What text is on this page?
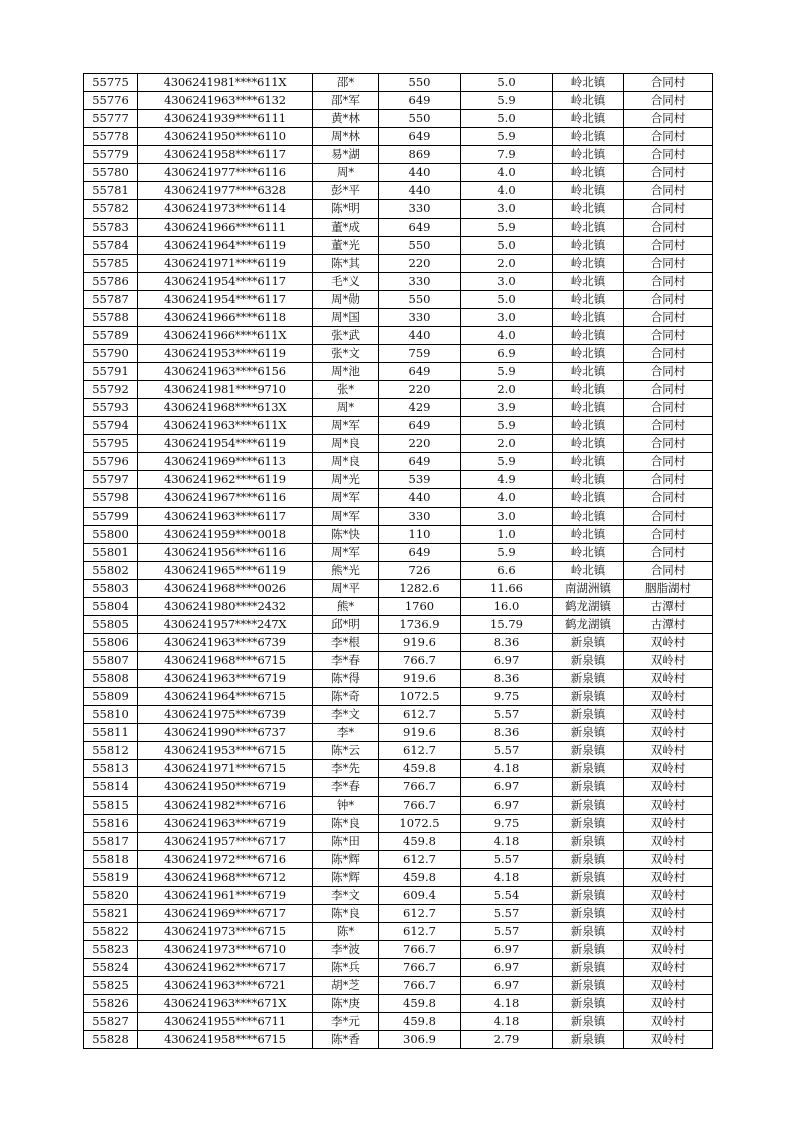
55775	4306241981****611X	邵*	550	5.0	岭北镇	合同村
55776	4306241963****6132	邵*军	649	5.9	岭北镇	合同村
55777	4306241939****6111	黄*林	550	5.0	岭北镇	合同村
55778	4306241950****6110	周*林	649	5.9	岭北镇	合同村
55779	4306241958****6117	易*湖	869	7.9	岭北镇	合同村
55780	4306241977****6116	周*	440	4.0	岭北镇	合同村
55781	4306241977****6328	彭*平	440	4.0	岭北镇	合同村
55782	4306241973****6114	陈*明	330	3.0	岭北镇	合同村
55783	4306241966****6111	董*成	649	5.9	岭北镇	合同村
55784	4306241964****6119	董*光	550	5.0	岭北镇	合同村
55785	4306241971****6119	陈*其	220	2.0	岭北镇	合同村
55786	4306241954****6117	毛*义	330	3.0	岭北镇	合同村
55787	4306241954****6117	周*勋	550	5.0	岭北镇	合同村
55788	4306241966****6118	周*国	330	3.0	岭北镇	合同村
55789	4306241966****611X	张*武	440	4.0	岭北镇	合同村
55790	4306241953****6119	张*文	759	6.9	岭北镇	合同村
55791	4306241963****6156	周*池	649	5.9	岭北镇	合同村
55792	4306241981****9710	张*	220	2.0	岭北镇	合同村
55793	4306241968****613X	周*	429	3.9	岭北镇	合同村
55794	4306241963****611X	周*军	649	5.9	岭北镇	合同村
55795	4306241954****6119	周*良	220	2.0	岭北镇	合同村
55796	4306241969****6113	周*良	649	5.9	岭北镇	合同村
55797	4306241962****6119	周*光	539	4.9	岭北镇	合同村
55798	4306241967****6116	周*军	440	4.0	岭北镇	合同村
55799	4306241963****6117	周*军	330	3.0	岭北镇	合同村
55800	4306241959****0018	陈*快	110	1.0	岭北镇	合同村
55801	4306241956****6116	周*军	649	5.9	岭北镇	合同村
55802	4306241965****6119	熊*光	726	6.6	岭北镇	合同村
55803	4306241968****0026	周*平	1282.6	11.66	南湖洲镇	胭脂湖村
55804	4306241980****2432	熊*	1760	16.0	鹤龙湖镇	古潭村
55805	4306241957****247X	邱*明	1736.9	15.79	鹤龙湖镇	古潭村
55806	4306241963****6739	李*根	919.6	8.36	新泉镇	双岭村
55807	4306241968****6715	李*春	766.7	6.97	新泉镇	双岭村
55808	4306241963****6719	陈*得	919.6	8.36	新泉镇	双岭村
55809	4306241964****6715	陈*奇	1072.5	9.75	新泉镇	双岭村
55810	4306241975****6739	李*文	612.7	5.57	新泉镇	双岭村
55811	4306241990****6737	李*	919.6	8.36	新泉镇	双岭村
55812	4306241953****6715	陈*云	612.7	5.57	新泉镇	双岭村
55813	4306241971****6715	李*先	459.8	4.18	新泉镇	双岭村
55814	4306241950****6719	李*春	766.7	6.97	新泉镇	双岭村
55815	4306241982****6716	钟*	766.7	6.97	新泉镇	双岭村
55816	4306241963****6719	陈*良	1072.5	9.75	新泉镇	双岭村
55817	4306241957****6717	陈*田	459.8	4.18	新泉镇	双岭村
55818	4306241972****6716	陈*辉	612.7	5.57	新泉镇	双岭村
55819	4306241968****6712	陈*辉	459.8	4.18	新泉镇	双岭村
55820	4306241961****6719	李*文	609.4	5.54	新泉镇	双岭村
55821	4306241969****6717	陈*良	612.7	5.57	新泉镇	双岭村
55822	4306241973****6715	陈*	612.7	5.57	新泉镇	双岭村
55823	4306241973****6710	李*波	766.7	6.97	新泉镇	双岭村
55824	4306241962****6717	陈*兵	766.7	6.97	新泉镇	双岭村
55825	4306241963****6721	胡*芝	766.7	6.97	新泉镇	双岭村
55826	4306241963****671X	陈*庚	459.8	4.18	新泉镇	双岭村
55827	4306241955****6711	李*元	459.8	4.18	新泉镇	双岭村
55828	4306241958****6715	陈*香	306.9	2.79	新泉镇	双岭村
